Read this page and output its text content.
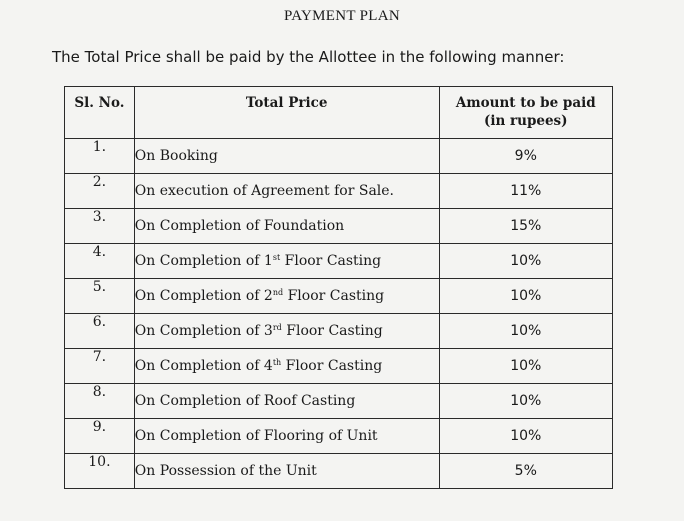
PAYMENT PLAN
The Total Price shall be paid by the Allottee in the following manner:
Sl. No.	Total Price	Amount to be paid
(in rupees)

1.	On Booking	9%
2.	On execution of Agreement for Sale.	11%
3.	On Completion of Foundation	15%
4.	On Completion of 1st Floor Casting	10%
5.	On Completion of 2nd Floor Casting	10%
6.	On Completion of 3rd Floor Casting	10%
7.	On Completion of 4th Floor Casting	10%
8.	On Completion of Roof Casting	10%
9.	On Completion of Flooring of Unit	10%
10.	On Possession of the Unit	5%
